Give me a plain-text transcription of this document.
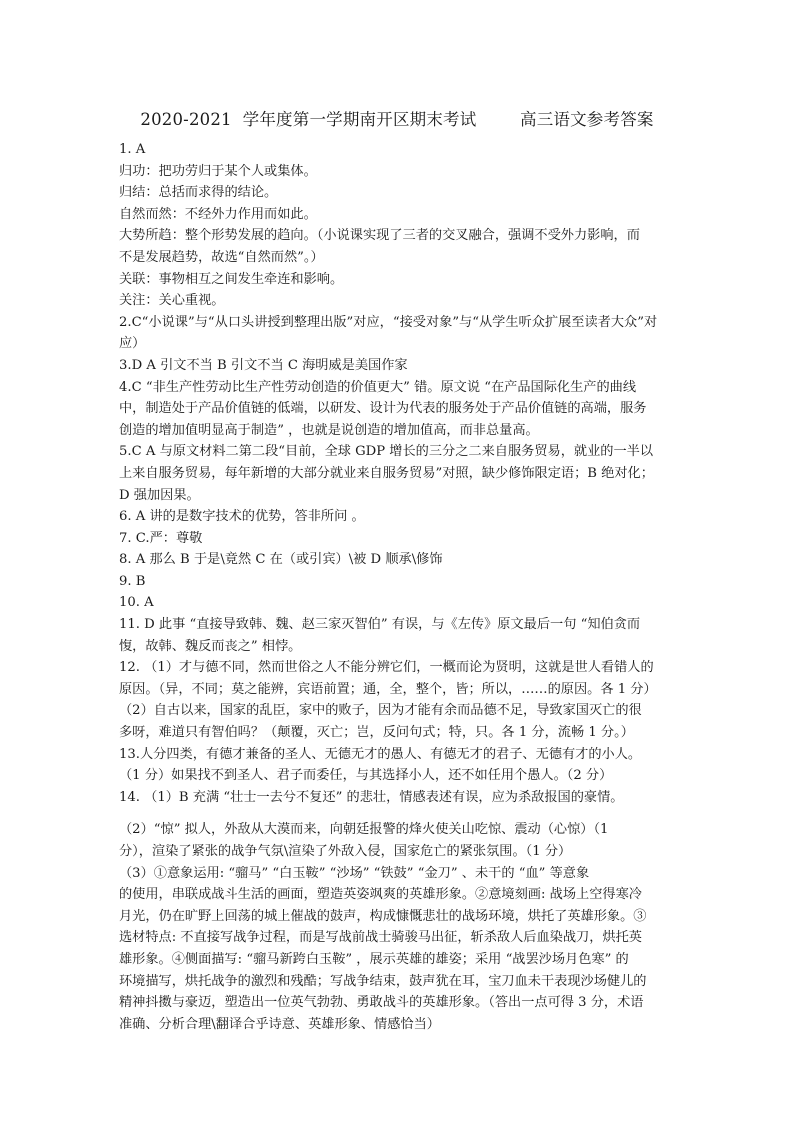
2020-2021  学年度第一学期南开区期末考试        高三语文参考答案
1. A
归功：把功劳归于某个人或集体。
归结：总括而求得的结论。
自然而然：不经外力作用而如此。
大势所趋：整个形势发展的趋向。（小说课实现了三者的交叉融合，强调不受外力影响，而
不是发展趋势，故选“自然而然”。）
关联：事物相互之间发生牵连和影响。
关注：关心重视。
2.C“小说课”与“从口头讲授到整理出版”对应，“接受对象”与“从学生听众扩展至读者大众”对
应）
3.D A 引文不当 B 引文不当 C 海明威是美国作家
4.C “非生产性劳动比生产性劳动创造的价值更大” 错。原文说 “在产品国际化生产的曲线
中，制造处于产品价值链的低端，以研发、设计为代表的服务处于产品价值链的高端，服务
创造的增加值明显高于制造” ，也就是说创造的增加值高，而非总量高。
5.C A 与原文材料二第二段“目前，全球 GDP 增长的三分之二来自服务贸易，就业的一半以
上来自服务贸易，每年新增的大部分就业来自服务贸易”对照，缺少修饰限定语；B 绝对化；
D 强加因果。
6. A 讲的是数字技术的优势，答非所问 。
7. C.严：尊敬
8. A 那么 B 于是\竟然 C 在（或引宾）\被 D 顺承\修饰
9. B
10. A
11. D 此事 “直接导致韩、魏、赵三家灭智伯” 有误，与《左传》原文最后一句 “知伯贪而
愎，故韩、魏反而丧之” 相悖。
12. （1）才与德不同，然而世俗之人不能分辨它们，一概而论为贤明，这就是世人看错人的
原因。（异，不同；莫之能辨，宾语前置；通，全，整个，皆；所以，……的原因。各 1 分）
（2）自古以来，国家的乱臣，家中的败子，因为才能有余而品德不足，导致家国灭亡的很
多呀，难道只有智伯吗？（颠覆，灭亡；岂，反问句式；特，只。各 1 分，流畅 1 分。）
13.人分四类，有德才兼备的圣人、无德无才的愚人、有德无才的君子、无德有才的小人。
（1 分）如果找不到圣人、君子而委任，与其选择小人，还不如任用个愚人。（2 分）
14. （1）B 充满 “壮士一去兮不复还” 的悲壮，情感表述有误，应为杀敌报国的豪情。
（2）“惊” 拟人，外敌从大漠而来，向朝廷报警的烽火使关山吃惊、震动（心惊）（1
分），渲染了紧张的战争气氛\渲染了外敌入侵，国家危亡的紧张氛围。（1 分）
（3）①意象运用: “骝马” “白玉鞍” “沙场” “铁鼓” “金刀” 、未干的 “血” 等意象
的使用，串联成战斗生活的画面，塑造英姿飒爽的英雄形象。②意境刻画: 战场上空得寒冷
月光，仍在旷野上回荡的城上催战的鼓声，构成慷慨悲壮的战场环境，烘托了英雄形象。③
选材特点: 不直接写战争过程，而是写战前战士骑骏马出征，斩杀敌人后血染战刀，烘托英
雄形象。④侧面描写: “骝马新跨白玉鞍” ，展示英雄的雄姿；采用 “战罢沙场月色寒” 的
环境描写，烘托战争的激烈和残酷；写战争结束，鼓声犹在耳，宝刀血未干表现沙场健儿的
精神抖擞与豪迈，塑造出一位英气勃勃、勇敢战斗的英雄形象。（答出一点可得 3 分，术语
准确、分析合理\翻译合乎诗意、英雄形象、情感恰当）
